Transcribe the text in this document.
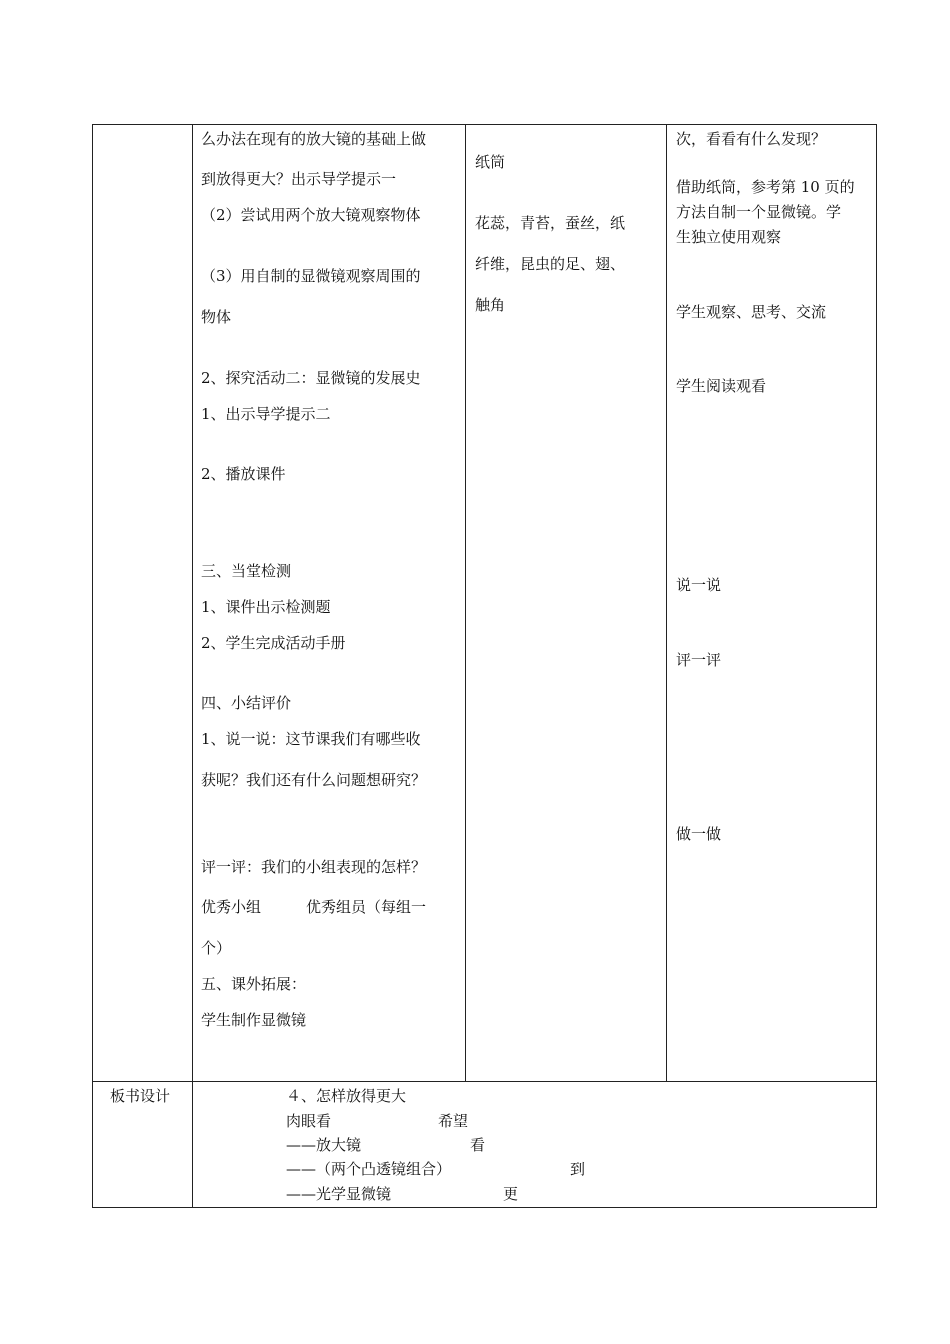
么办法在现有的放大镜的基础上做
到放得更大？出示导学提示一
（2）尝试用两个放大镜观察物体
（3）用自制的显微镜观察周围的
物体
2、探究活动二：显微镜的发展史
1、出示导学提示二
2、播放课件
三、当堂检测
1、课件出示检测题
2、学生完成活动手册
四、小结评价
1、说一说：这节课我们有哪些收
获呢？我们还有什么问题想研究？
评一评：我们的小组表现的怎样？
优秀小组　　　优秀组员（每组一
个）
五、课外拓展：
学生制作显微镜
纸筒
花蕊，青苔，蚕丝，纸
纤维，昆虫的足、翅、
触角
次，看看有什么发现？
借助纸筒，参考第 10 页的
方法自制一个显微镜。学
生独立使用观察
学生观察、思考、交流
学生阅读观看
说一说
评一评
做一做
板书设计	４、怎样放得更大
肉眼看
——放大镜
——（两个凸透镜组合）
——光学显微镜
希望
看
到
更
